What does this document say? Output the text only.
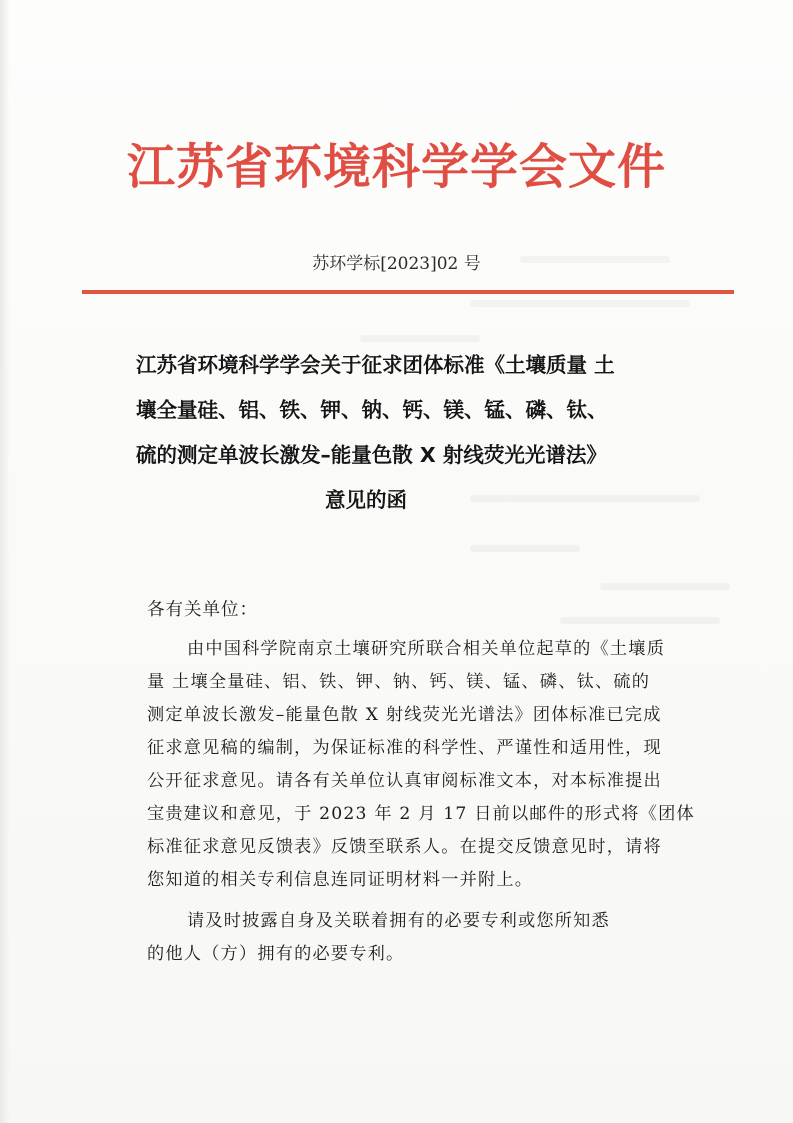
江苏省环境科学学会文件
苏环学标[2023]02 号
江苏省环境科学学会关于征求团体标准《土壤质量 土
壤全量硅、铝、铁、钾、钠、钙、镁、锰、磷、钛、
硫的测定单波长激发–能量色散 X 射线荧光光谱法》
意见的函
各有关单位：
由中国科学院南京土壤研究所联合相关单位起草的《土壤质
量 土壤全量硅、铝、铁、钾、钠、钙、镁、锰、磷、钛、硫的
测定单波长激发–能量色散 X 射线荧光光谱法》团体标准已完成
征求意见稿的编制，为保证标准的科学性、严谨性和适用性，现
公开征求意见。请各有关单位认真审阅标准文本，对本标准提出
宝贵建议和意见，于 2023 年 2 月 17 日前以邮件的形式将《团体
标准征求意见反馈表》反馈至联系人。在提交反馈意见时，请将
您知道的相关专利信息连同证明材料一并附上。
请及时披露自身及关联着拥有的必要专利或您所知悉
的他人（方）拥有的必要专利。
